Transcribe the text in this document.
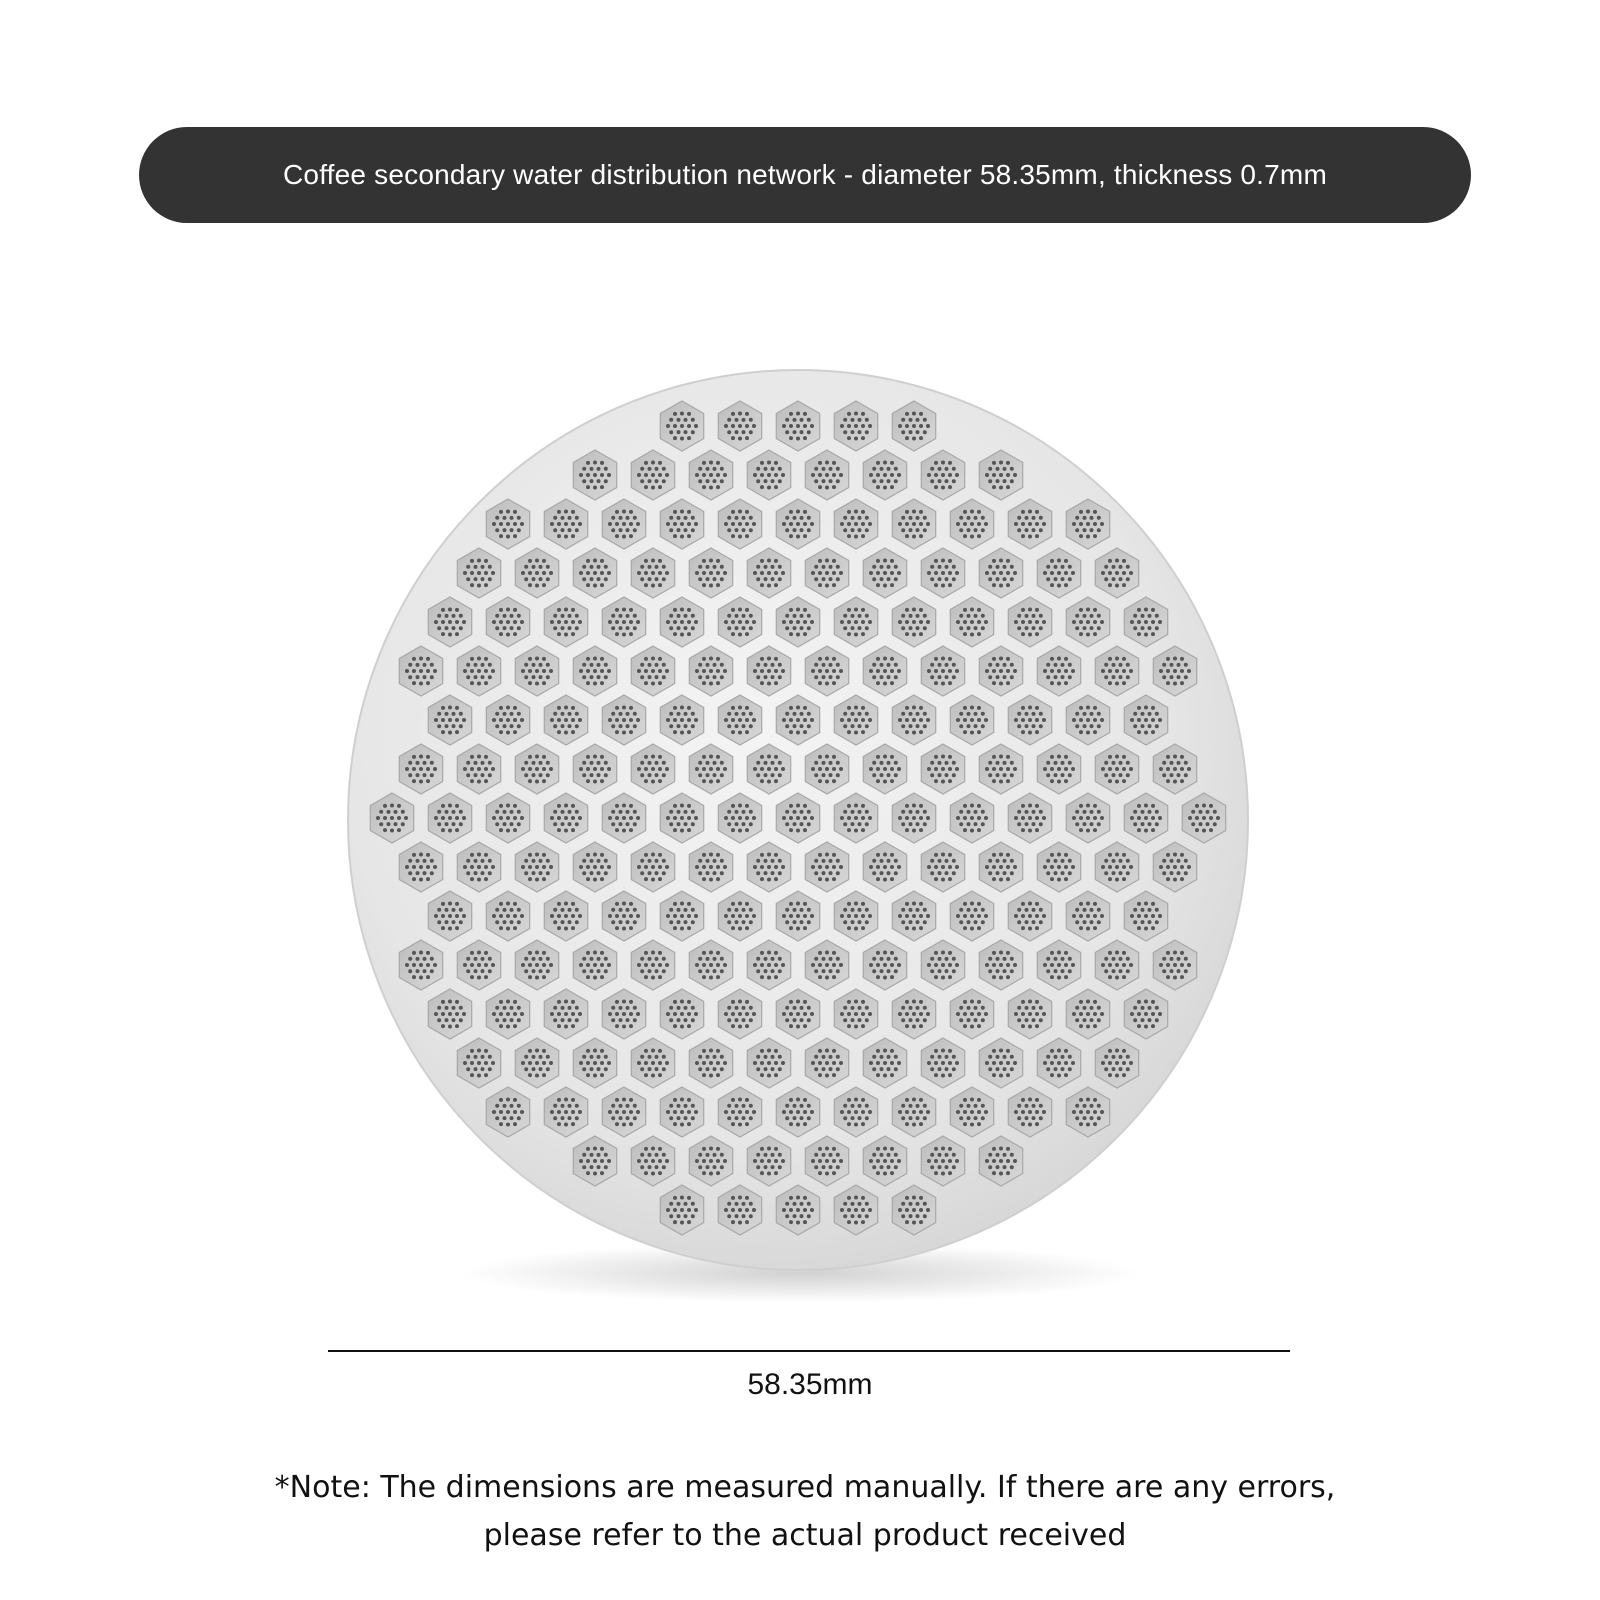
Coffee secondary water distribution network - diameter 58.35mm, thickness 0.7mm
58.35mm
*Note: The dimensions are measured manually. If there are any errors,
please refer to the actual product received
